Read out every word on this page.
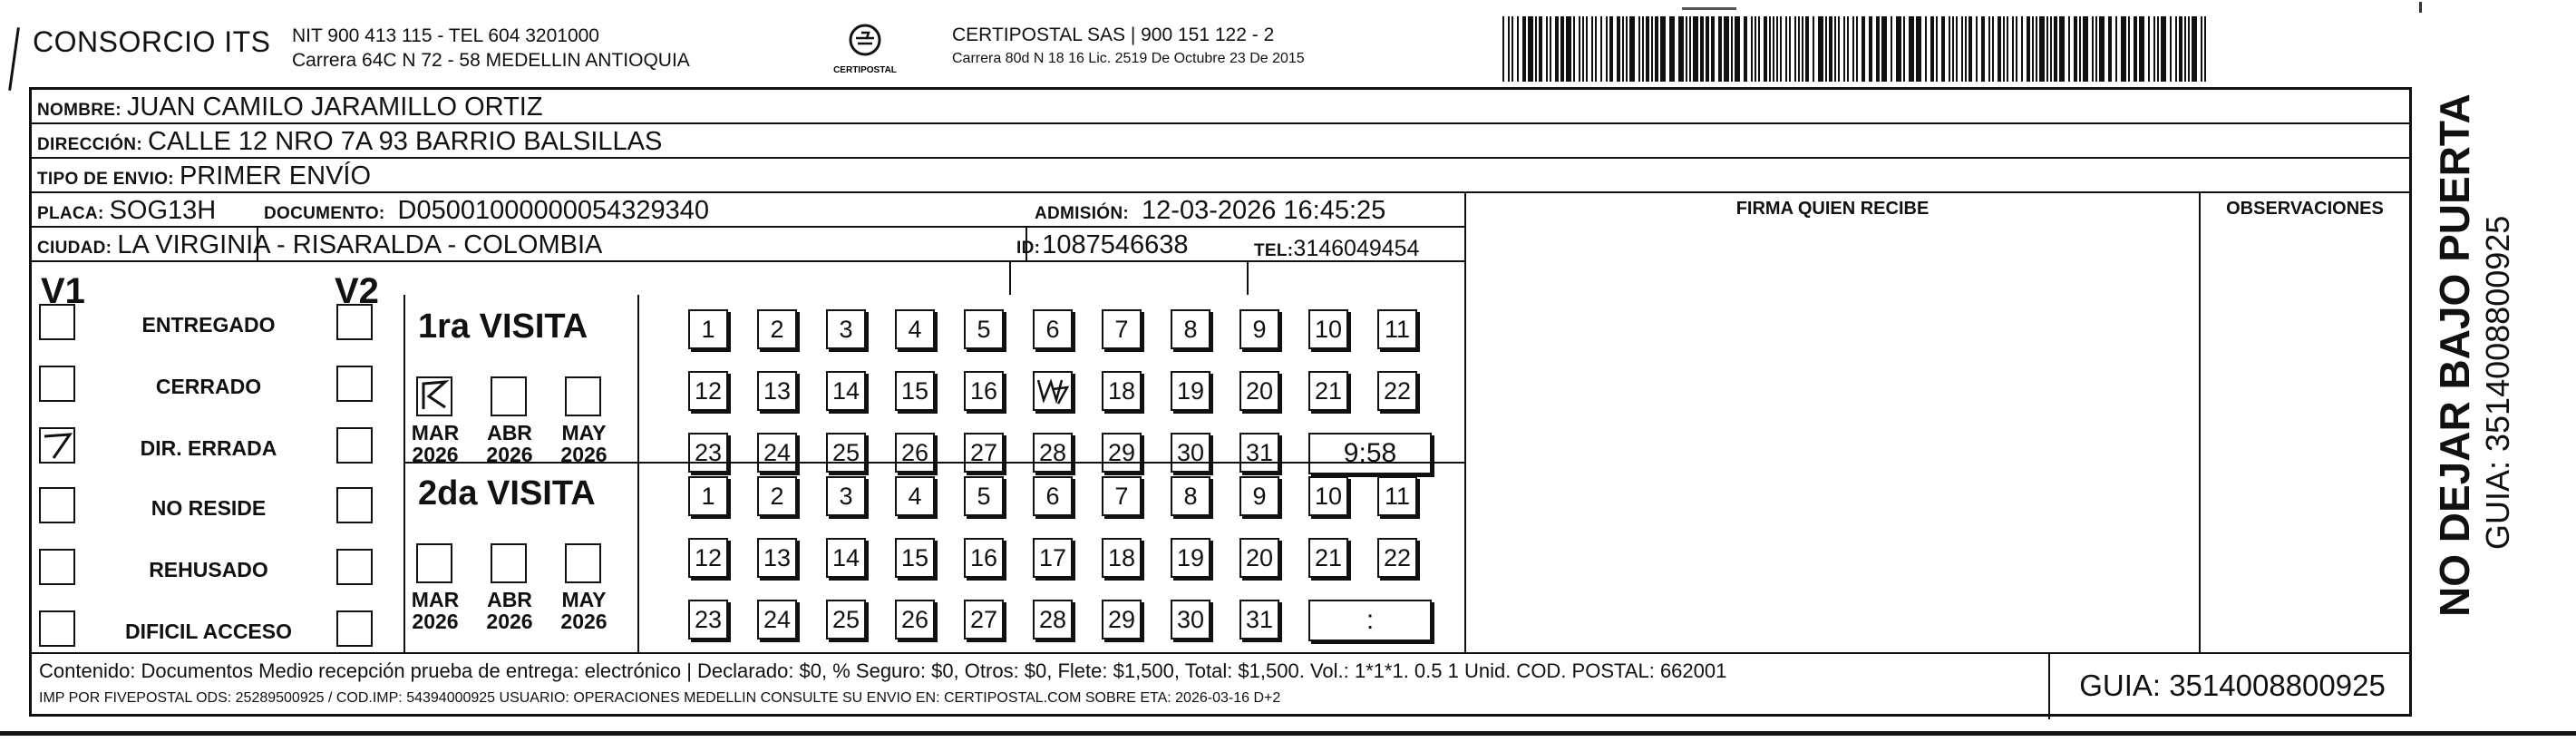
CONSORCIO ITS NIT 900 413 115 - TEL 604 3201000
Carrera 64C N 72 - 58 MEDELLIN ANTIOQUIA	CERTIPOSTAL
CERTIPOSTAL SAS | 900 151 122 - 2
Carrera 80d N 18 16 Lic. 2519 De Octubre 23 De 2015
NOMBRE: JUAN CAMILO JARAMILLO ORTIZ
DIRECCIÓN: CALLE 12 NRO 7A 93 BARRIO BALSILLAS
TIPO DE ENVIO: PRIMER ENVÍO
FIRMA QUIEN RECIBE	OBSERVACIONES
PLACA: SOG13H	DOCUMENTO: D05001000000054329340	ADMISIÓN: 12-03-2026 16:45:25
CIUDAD: LA VIRGINIA - RISARALDA - COLOMBIA	ID:1087546638	TEL:3146049454
V1	V2
ENTREGADO
CERRADO
DIR. ERRADA
NO RESIDE
REHUSADO
DIFICIL ACCESO
1ra VISITA
MAR
2026
ABR
2026
MAY
2026
1	2	3	4	5	6	7	8	9	10 11
12 13 14 15 16	18 19 20 21 22
23 24 25 26 27 28 29 30 31	9:58
2da VISITA
MAR
2026
ABR
2026
MAY
2026
1	2	3	4	5	6	7	8	9	10 11
12 13 14 15 16 17 18 19 20 21 22
23 24 25 26 27 28 29 30 31	:
Contenido: Documentos Medio recepción prueba de entrega: electrónico | Declarado: $0, % Seguro: $0, Otros: $0, Flete: $1,500, Total: $1,500. Vol.: 1*1*1. 0.5 1 Unid. COD. POSTAL: 662001
IMP POR FIVEPOSTAL ODS: 25289500925 / COD.IMP: 54394000925 USUARIO: OPERACIONES MEDELLIN CONSULTE SU ENVIO EN: CERTIPOSTAL.COM SOBRE ETA: 2026-03-16 D+2	GUIA: 3514008800925
NO DEJAR BAJO PUERTA GUIA: 3514008800925
